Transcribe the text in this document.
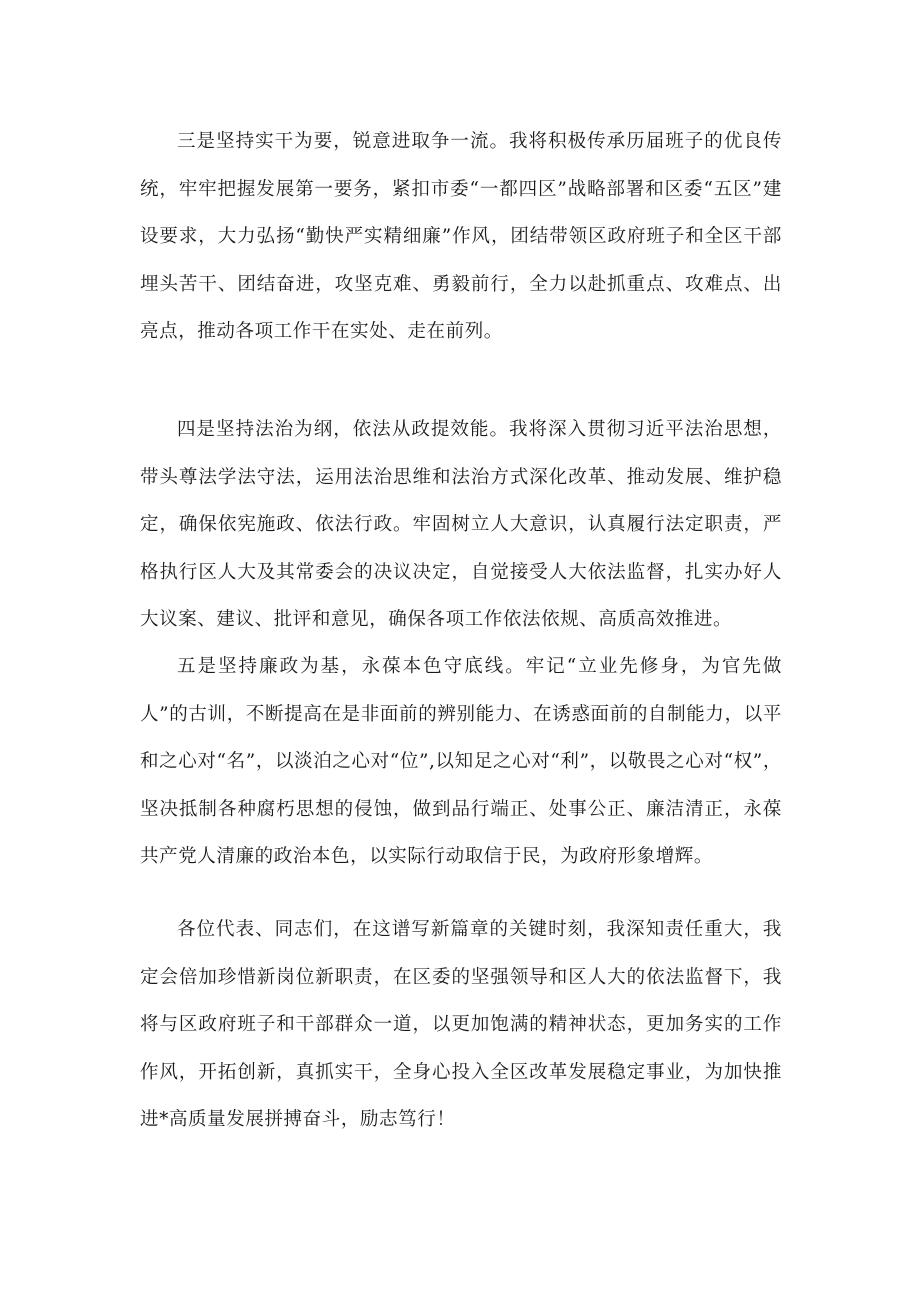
三是坚持实干为要，锐意进取争一流。我将积极传承历届班子的优良传统，牢牢把握发展第一要务，紧扣市委“一都四区”战略部署和区委“五区”建设要求，大力弘扬“勤快严实精细廉”作风，团结带领区政府班子和全区干部埋头苦干、团结奋进，攻坚克难、勇毅前行，全力以赴抓重点、攻难点、出亮点，推动各项工作干在实处、走在前列。

四是坚持法治为纲，依法从政提效能。我将深入贯彻习近平法治思想，带头尊法学法守法，运用法治思维和法治方式深化改革、推动发展、维护稳定，确保依宪施政、依法行政。牢固树立人大意识，认真履行法定职责，严格执行区人大及其常委会的决议决定，自觉接受人大依法监督，扎实办好人大议案、建议、批评和意见，确保各项工作依法依规、高质高效推进。

五是坚持廉政为基，永葆本色守底线。牢记“立业先修身，为官先做人”的古训，不断提高在是非面前的辨别能力、在诱惑面前的自制能力，以平和之心对“名”，以淡泊之心对“位”,以知足之心对“利”，以敬畏之心对“权”，坚决抵制各种腐朽思想的侵蚀，做到品行端正、处事公正、廉洁清正，永葆共产党人清廉的政治本色，以实际行动取信于民，为政府形象增辉。

各位代表、同志们，在这谱写新篇章的关键时刻，我深知责任重大，我定会倍加珍惜新岗位新职责，在区委的坚强领导和区人大的依法监督下，我将与区政府班子和干部群众一道，以更加饱满的精神状态，更加务实的工作作风，开拓创新，真抓实干，全身心投入全区改革发展稳定事业，为加快推进*高质量发展拼搏奋斗，励志笃行！
